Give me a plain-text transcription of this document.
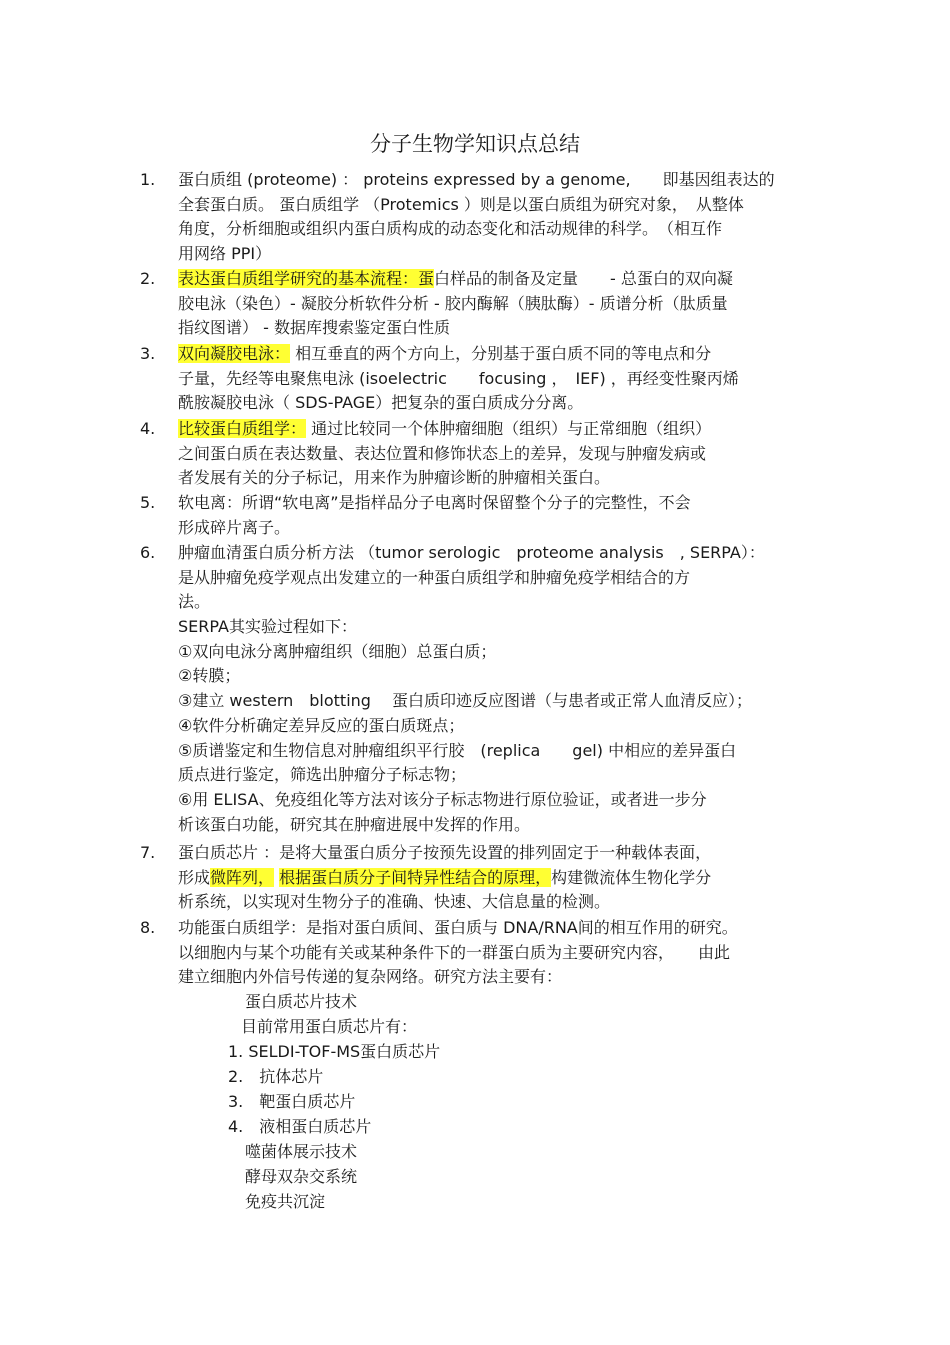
分子生物学知识点总结
1.	蛋白质组 (proteome) ： proteins expressed by a genome,　　即基因组表达的
全套蛋白质。 蛋白质组学 （Protemics ）则是以蛋白质组为研究对象，　从整体
角度，分析细胞或组织内蛋白质构成的动态变化和活动规律的科学。　（相互作
用网络 PPI）
2.	表达蛋白质组学研究的基本流程：蛋白样品的制备及定量　　- 总蛋白的双向凝
胶电泳（染色）- 凝胶分析软件分析 - 胶内酶解（胰肽酶）- 质谱分析（肽质量
指纹图谱） - 数据库搜索鉴定蛋白性质
3.	双向凝胶电泳： 相互垂直的两个方向上，分别基于蛋白质不同的等电点和分
子量，先经等电聚焦电泳 (isoelectric　　focusing ，　IEF) ，再经变性聚丙烯
酰胺凝胶电泳（ SDS-PAGE）把复杂的蛋白质成分分离。
4.	比较蛋白质组学： 通过比较同一个体肿瘤细胞（组织）与正常细胞（组织）
之间蛋白质在表达数量、表达位置和修饰状态上的差异，发现与肿瘤发病或
者发展有关的分子标记，用来作为肿瘤诊断的肿瘤相关蛋白。
5.	软电离：所谓“软电离”是指样品分子电离时保留整个分子的完整性，不会
形成碎片离子。
6.	肿瘤血清蛋白质分析方法 （tumor serologic　proteome analysis　, SERPA）：
是从肿瘤免疫学观点出发建立的一种蛋白质组学和肿瘤免疫学相结合的方
法。
SERPA其实验过程如下：
①双向电泳分离肿瘤组织（细胞）总蛋白质；
②转膜；
③建立 western　blotting　 蛋白质印迹反应图谱（与患者或正常人血清反应）；
④软件分析确定差异反应的蛋白质斑点；
⑤质谱鉴定和生物信息对肿瘤组织平行胶　(replica　　gel) 中相应的差异蛋白
质点进行鉴定，筛选出肿瘤分子标志物；
⑥用 ELISA、免疫组化等方法对该分子标志物进行原位验证，或者进一步分
析该蛋白功能，研究其在肿瘤进展中发挥的作用。
7.	蛋白质芯片 ：是将大量蛋白质分子按预先设置的排列固定于一种载体表面，
形成微阵列， 根据蛋白质分子间特异性结合的原理，构建微流体生物化学分
析系统，以实现对生物分子的准确、快速、大信息量的检测。
8.	功能蛋白质组学：是指对蛋白质间、蛋白质与 DNA/RNA间的相互作用的研究。
以细胞内与某个功能有关或某种条件下的一群蛋白质为主要研究内容，　　由此
建立细胞内外信号传递的复杂网络。研究方法主要有：
蛋白质芯片技术
目前常用蛋白质芯片有：
1. SELDI-TOF-MS蛋白质芯片
2.　抗体芯片
3.　靶蛋白质芯片
4.　液相蛋白质芯片
噬菌体展示技术
酵母双杂交系统
免疫共沉淀
